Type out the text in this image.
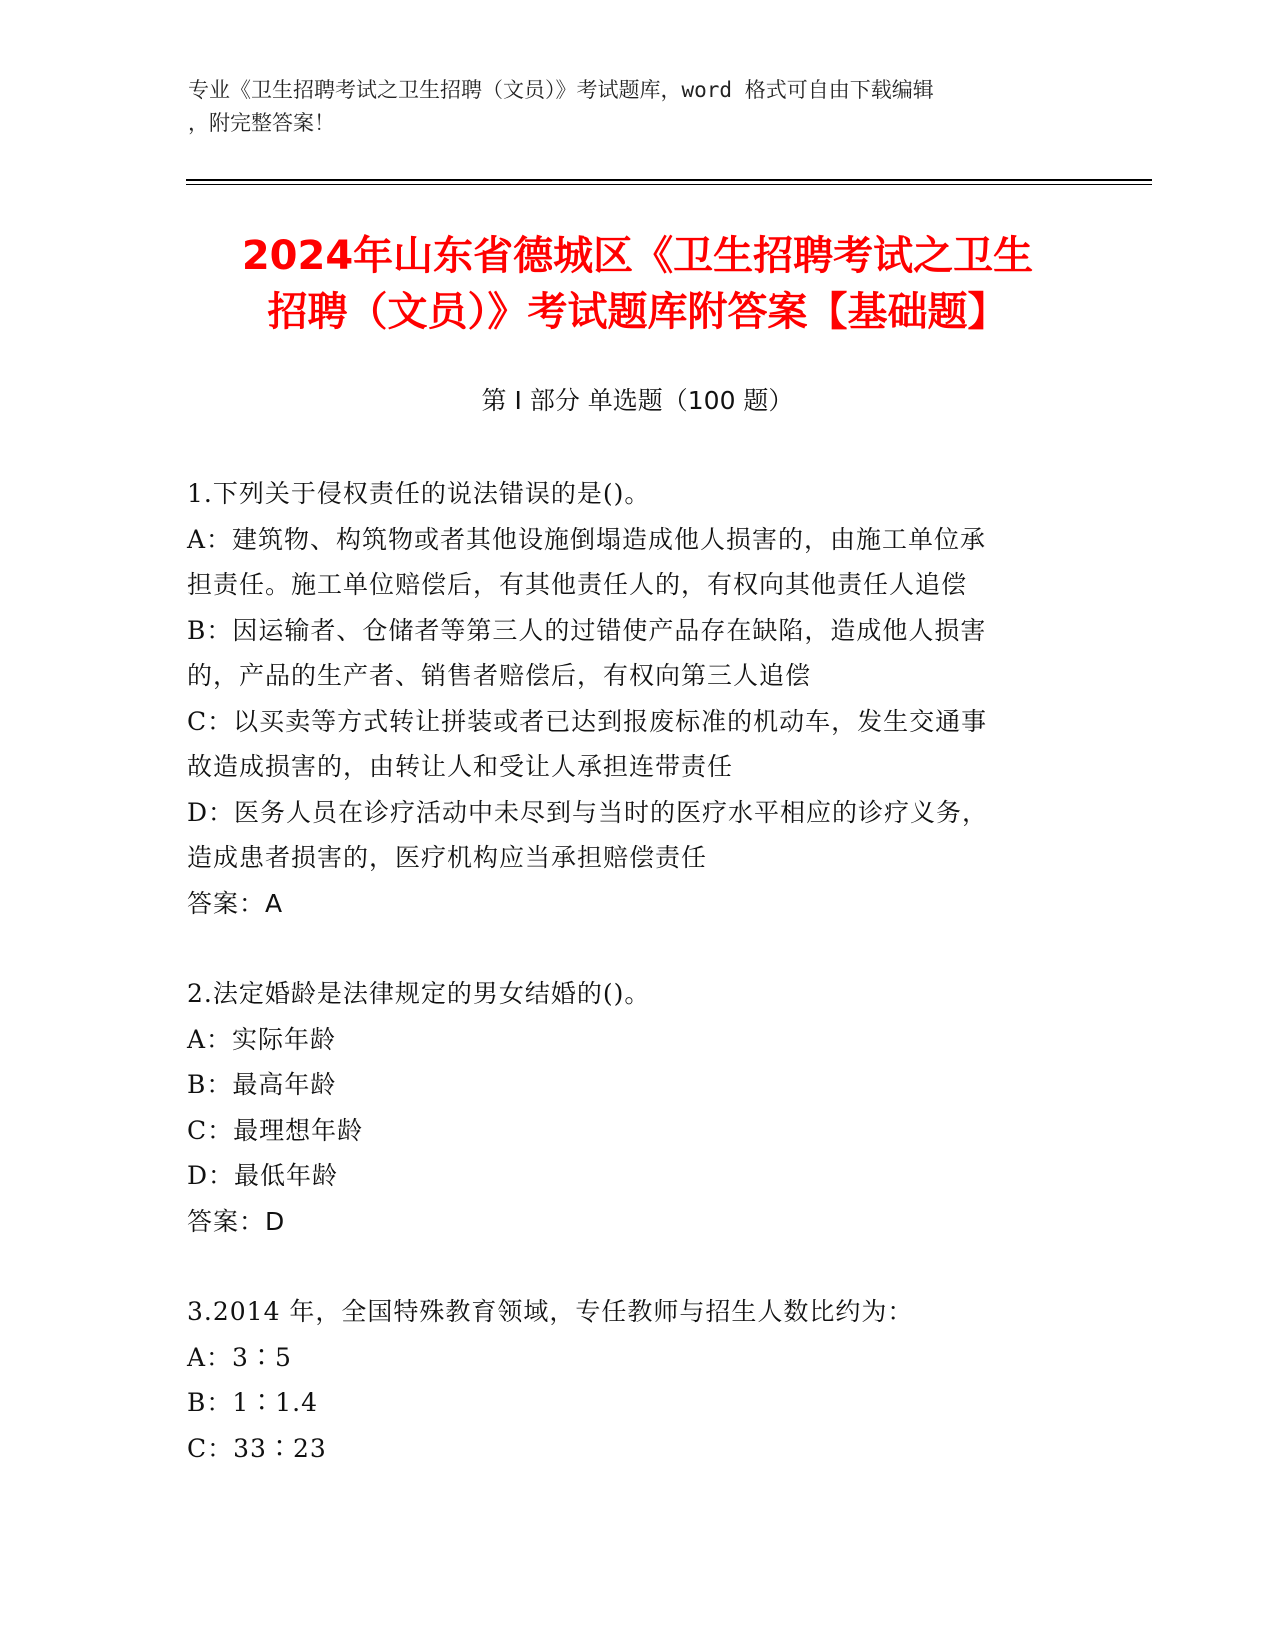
专业《卫生招聘考试之卫生招聘（文员）》考试题库，word 格式可自由下载编辑
，附完整答案！
2024年山东省德城区《卫生招聘考试之卫生
招聘（文员）》考试题库附答案【基础题】
第 I 部分 单选题（100 题）
1.下列关于侵权责任的说法错误的是()。
A：建筑物、构筑物或者其他设施倒塌造成他人损害的，由施工单位承
担责任。施工单位赔偿后，有其他责任人的，有权向其他责任人追偿
B：因运输者、仓储者等第三人的过错使产品存在缺陷，造成他人损害
的，产品的生产者、销售者赔偿后，有权向第三人追偿
C：以买卖等方式转让拼装或者已达到报废标准的机动车，发生交通事
故造成损害的，由转让人和受让人承担连带责任
D：医务人员在诊疗活动中未尽到与当时的医疗水平相应的诊疗义务，
造成患者损害的，医疗机构应当承担赔偿责任
答案：A
2.法定婚龄是法律规定的男女结婚的()。
A：实际年龄
B：最高年龄
C：最理想年龄
D：最低年龄
答案：D
3.2014 年，全国特殊教育领域，专任教师与招生人数比约为：
A：3∶5
B：1∶1.4
C：33∶23
